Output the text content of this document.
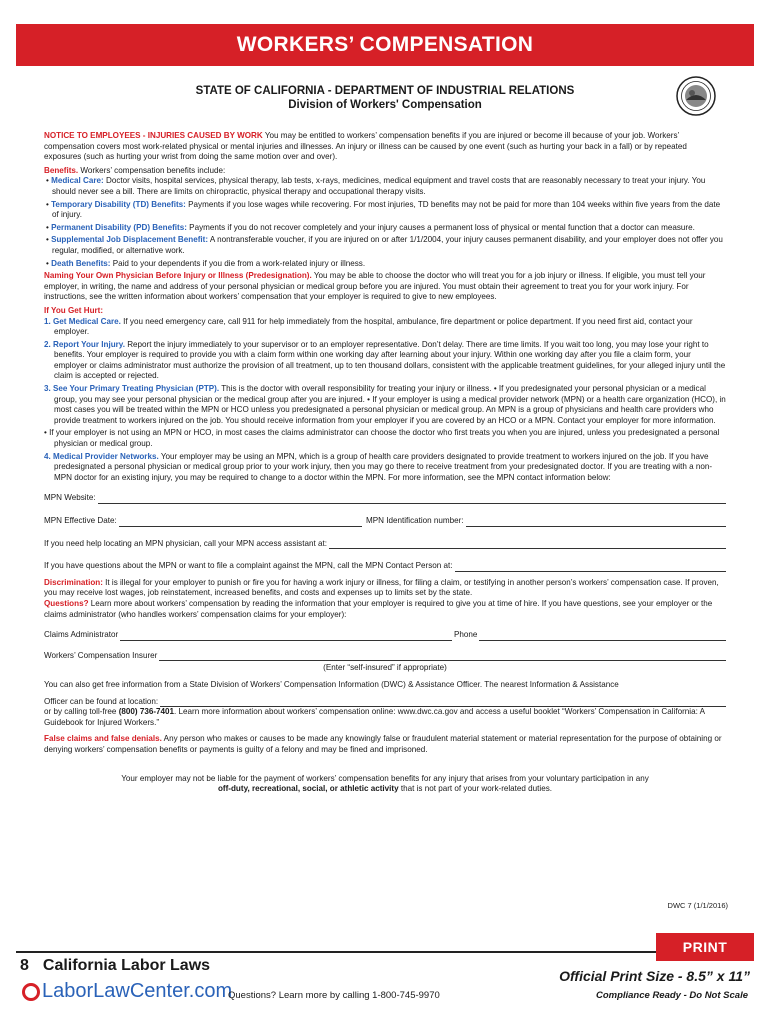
WORKERS’ COMPENSATION
STATE OF CALIFORNIA - DEPARTMENT OF INDUSTRIAL RELATIONS
Division of Workers' Compensation

NOTICE TO EMPLOYEES - INJURIES CAUSED BY WORK You may be entitled to workers’ compensation benefits if you are injured or become ill because of your job. Workers’ compensation covers most work-related physical or mental injuries and illnesses. An injury or illness can be caused by one event (such as hurting your back in a fall) or by repeated exposures (such as hurting your wrist from doing the same motion over and over).

Benefits. Workers’ compensation benefits include:

• Medical Care: Doctor visits, hospital services, physical therapy, lab tests, x-rays, medicines, medical equipment and travel costs that are reasonably necessary to treat your injury. You should never see a bill. There are limits on chiropractic, physical therapy and occupational therapy visits.

• Temporary Disability (TD) Benefits: Payments if you lose wages while recovering. For most injuries, TD benefits may not be paid for more than 104 weeks within five years from the date of injury.

• Permanent Disability (PD) Benefits: Payments if you do not recover completely and your injury causes a permanent loss of physical or mental function that a doctor can measure.

• Supplemental Job Displacement Benefit: A nontransferable voucher, if you are injured on or after 1/1/2004, your injury causes permanent disability, and your employer does not offer you regular, modified, or alternative work.

• Death Benefits: Paid to your dependents if you die from a work-related injury or illness.

Naming Your Own Physician Before Injury or Illness (Predesignation). You may be able to choose the doctor who will treat you for a job injury or illness. If eligible, you must tell your employer, in writing, the name and address of your personal physician or medical group before you are injured. You must obtain their agreement to treat you for your work injury. For instructions, see the written information about workers’ compensation that your employer is required to give to new employees.

If You Get Hurt:

1. Get Medical Care. If you need emergency care, call 911 for help immediately from the hospital, ambulance, fire department or police department. If you need first aid, contact your employer.

2. Report Your Injury. Report the injury immediately to your supervisor or to an employer representative. Don’t delay. There are time limits. If you wait too long, you may lose your right to benefits. Your employer is required to provide you with a claim form within one working day after learning about your injury. Within one working day after you file a claim form, your employer or claims administrator must authorize the provision of all treatment, up to ten thousand dollars, consistent with the applicable treatment guidelines, for your alleged injury until the claim is accepted or rejected.

3. See Your Primary Treating Physician (PTP). This is the doctor with overall responsibility for treating your injury or illness. • If you predesignated your personal physician or a medical group, you may see your personal physician or the medical group after you are injured. • If your employer is using a medical provider network (MPN) or a health care organization (HCO), in most cases you will be treated within the MPN or HCO unless you predesignated a personal physician or medical group. An MPN is a group of physicians and health care providers who provide treatment to workers injured on the job. You should receive information from your employer if you are covered by an HCO or a MPN. Contact your employer for more information.

• If your employer is not using an MPN or HCO, in most cases the claims administrator can choose the doctor who first treats you when you are injured, unless you predesignated a personal physician or medical group.

4. Medical Provider Networks. Your employer may be using an MPN, which is a group of health care providers designated to provide treatment to workers injured on the job. If you have predesignated a personal physician or medical group prior to your work injury, then you may go there to receive treatment from your predesignated doctor. If you are treating with a non-MPN doctor for an existing injury, you may be required to change to a doctor within the MPN. For more information, see the MPN contact information below:

MPN Website:
MPN Effective Date:	MPN Identification number:
If you need help locating an MPN physician, call your MPN access assistant at:
If you have questions about the MPN or want to file a complaint against the MPN, call the MPN Contact Person at:

Discrimination: It is illegal for your employer to punish or fire you for having a work injury or illness, for filing a claim, or testifying in another person’s workers’ compensation case. If proven, you may receive lost wages, job reinstatement, increased benefits, and costs and expenses up to limits set by the state.

Questions? Learn more about workers’ compensation by reading the information that your employer is required to give you at time of hire. If you have questions, see your employer or the claims administrator (who handles workers’ compensation claims for your employer):

Claims Administrator	Phone
Workers’ Compensation Insurer

(Enter “self-insured” if appropriate)

You can also get free information from a State Division of Workers’ Compensation Information (DWC) & Assistance Officer. The nearest Information & Assistance

Officer can be found at location:

or by calling toll-free (800) 736-7401. Learn more information about workers’ compensation online: www.dwc.ca.gov and access a useful booklet “Workers’ Compensation in California: A Guidebook for Injured Workers.”

False claims and false denials. Any person who makes or causes to be made any knowingly false or fraudulent material statement or material representation for the purpose of obtaining or denying workers’ compensation benefits or payments is guilty of a felony and may be fined and imprisoned.

Your employer may not be liable for the payment of workers’ compensation benefits for any injury that arises from your voluntary participation in any off-duty, recreational, social, or athletic activity that is not part of your work-related duties.

DWC 7 (1/1/2016)
PRINT
8 California Labor Laws
Official Print Size - 8.5” x 11”
LaborLaw Center.com
Questions? Learn more by calling 1-800-745-9970	Compliance Ready - Do Not Scale
